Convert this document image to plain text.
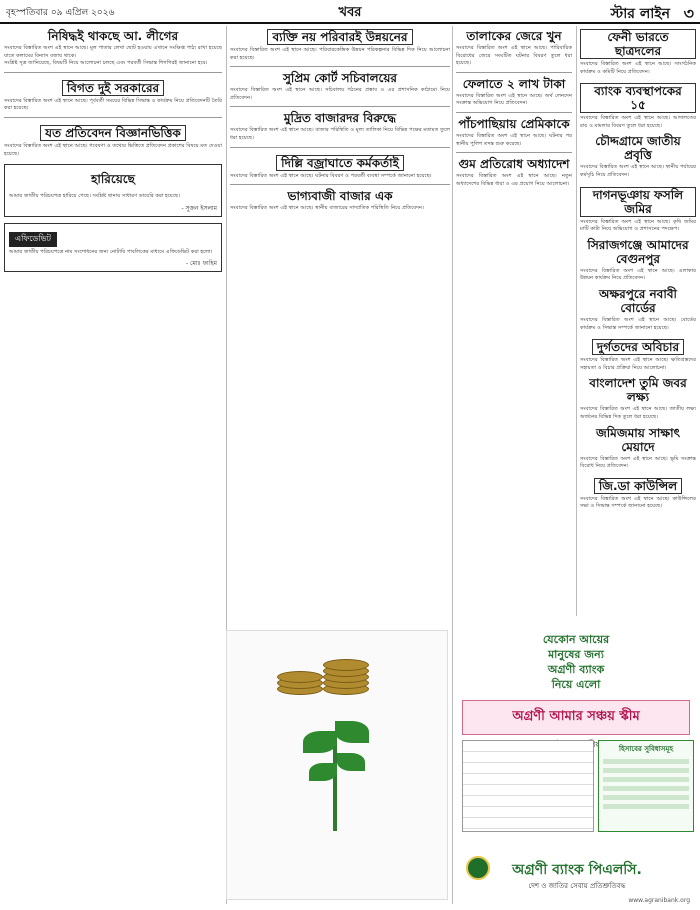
বৃহস্পতিবার ০৯ এপ্রিল ২০২৬	খবর	স্টার লাইন ৩
নিষিদ্ধই থাকছে আ. লীগের

সংবাদের বিস্তারিত অংশ এই স্থানে আছে। মূল পাতার লেখা ছোট হওয়ায় এখানে সংক্ষিপ্ত পাঠ্য রাখা হয়েছে যাতে কলামের বিন্যাস বজায় থাকে।

সংশ্লিষ্ট সূত্র জানিয়েছে, বিষয়টি নিয়ে আলোচনা চলছে এবং পরবর্তী সিদ্ধান্ত শিগগিরই জানানো হবে।

বিগত দুই সরকারের

সংবাদের বিস্তারিত অংশ এই স্থানে আছে। পূর্ববর্তী সময়ের বিভিন্ন সিদ্ধান্ত ও কার্যক্রম নিয়ে প্রতিবেদনটি তৈরি করা হয়েছে।

যত প্রতিবেদন বিজ্ঞানভিত্তিক

সংবাদের বিস্তারিত অংশ এই স্থানে আছে। গবেষণা ও তথ্যের ভিত্তিতে প্রতিবেদন প্রকাশের বিষয়ে মত দেওয়া হয়েছে।

হারিয়েছে

আমার জাতীয় পরিচয়পত্র হারিয়ে গেছে। সংশ্লিষ্ট থানায় সাধারণ ডায়েরি করা হয়েছে।

- সুজন ইসলাম
এফিডেভিট

আমার জাতীয় পরিচয়পত্রে নাম সংশোধনের জন্য নোটারি পাবলিকের মাধ্যমে এফিডেভিট করা হলো।

- মোঃ ফাহিম
ব্যক্তি নয় পরিবারই উন্নয়নের

সংবাদের বিস্তারিত অংশ এই স্থানে আছে। পরিবারকেন্দ্রিক উন্নয়ন পরিকল্পনার বিভিন্ন দিক নিয়ে আলোচনা করা হয়েছে।

সুপ্রিম কোর্ট সচিবালয়ের

সংবাদের বিস্তারিত অংশ এই স্থানে আছে। সচিবালয় গঠনের প্রস্তাব ও এর প্রশাসনিক কাঠামো নিয়ে প্রতিবেদন।

মুদ্রিত বাজারদর বিরুদ্ধে

সংবাদের বিস্তারিত অংশ এই স্থানে আছে। বাজার পরিস্থিতি ও মূল্য তালিকা নিয়ে বিভিন্ন পক্ষের মতামত তুলে ধরা হয়েছে।

দিল্লি বজ্রাঘাতে কর্মকর্তাই

সংবাদের বিস্তারিত অংশ এই স্থানে আছে। ঘটনার বিবরণ ও পরবর্তী ব্যবস্থা সম্পর্কে জানানো হয়েছে।

ভাগ্যবাজী বাজার এক

সংবাদের বিস্তারিত অংশ এই স্থানে আছে। স্থানীয় বাজারের সাম্প্রতিক পরিস্থিতি নিয়ে প্রতিবেদন।

তালাকের জেরে খুন

সংবাদের বিস্তারিত অংশ এই স্থানে আছে। পারিবারিক বিরোধের জেরে সংঘটিত ঘটনার বিবরণ তুলে ধরা হয়েছে।

ফেলাতে ২ লাখ টাকা

সংবাদের বিস্তারিত অংশ এই স্থানে আছে। অর্থ লেনদেন সংক্রান্ত অভিযোগ নিয়ে প্রতিবেদন।

পাঁচপাছিয়ায় প্রেমিকাকে

সংবাদের বিস্তারিত অংশ এই স্থানে আছে। ঘটনার পর স্থানীয় পুলিশ তদন্ত শুরু করেছে।

গুম প্রতিরোধ অধ্যাদেশ

সংবাদের বিস্তারিত অংশ এই স্থানে আছে। নতুন অধ্যাদেশের বিভিন্ন ধারা ও এর প্রয়োগ নিয়ে আলোচনা।

ফেনী ভারতে ছাত্রদলের

সংবাদের বিস্তারিত অংশ এই স্থানে আছে। সাংগঠনিক কার্যক্রম ও কমিটি নিয়ে প্রতিবেদন।

ব্যাংক ব্যবস্থাপকের ১৫

সংবাদের বিস্তারিত অংশ এই স্থানে আছে। আদালতের রায় ও মামলার বিবরণ তুলে ধরা হয়েছে।

চৌদ্দগ্রামে জাতীয় প্রবৃত্তি

সংবাদের বিস্তারিত অংশ এই স্থানে আছে। স্থানীয় পর্যায়ের কর্মসূচি নিয়ে প্রতিবেদন।

দাগনভূঞায় ফসলি জমির

সংবাদের বিস্তারিত অংশ এই স্থানে আছে। কৃষি জমির মাটি কাটা নিয়ে অভিযোগ ও প্রশাসনের পদক্ষেপ।

সিরাজগঞ্জে আমাদের বেগুনপুর

সংবাদের বিস্তারিত অংশ এই স্থানে আছে। এলাকার উন্নয়ন কার্যক্রম নিয়ে প্রতিবেদন।

অক্ষরপুরে নবাবী বোর্ডের

সংবাদের বিস্তারিত অংশ এই স্থানে আছে। বোর্ডের কার্যক্রম ও সিদ্ধান্ত সম্পর্কে জানানো হয়েছে।

দুর্গতদের অবিচার

সংবাদের বিস্তারিত অংশ এই স্থানে আছে। ক্ষতিগ্রস্তদের সহায়তা ও বিচার প্রক্রিয়া নিয়ে আলোচনা।

বাংলাদেশ তুমি জবর লক্ষ্য

সংবাদের বিস্তারিত অংশ এই স্থানে আছে। জাতীয় লক্ষ্য অর্জনের বিভিন্ন দিক তুলে ধরা হয়েছে।

জমিজমায় সাক্ষাৎ মেয়াদে

সংবাদের বিস্তারিত অংশ এই স্থানে আছে। ভূমি সংক্রান্ত বিরোধ নিয়ে প্রতিবেদন।

জি.ডা কাউন্সিল

সংবাদের বিস্তারিত অংশ এই স্থানে আছে। কাউন্সিলের সভা ও সিদ্ধান্ত সম্পর্কে জানানো হয়েছে।

যেকোন আয়ের
মানুষের জন্য
অগ্রণী ব্যাংক
নিয়ে এলো
অগ্রণী আমার সঞ্চয় স্কীম
হিসাবের সুবিধাসমূহ
অগ্রণী ব্যাংক পিএলসি.
দেশ ও জাতির সেবায় প্রতিশ্রুতিবদ্ধ
www.agranibank.org
